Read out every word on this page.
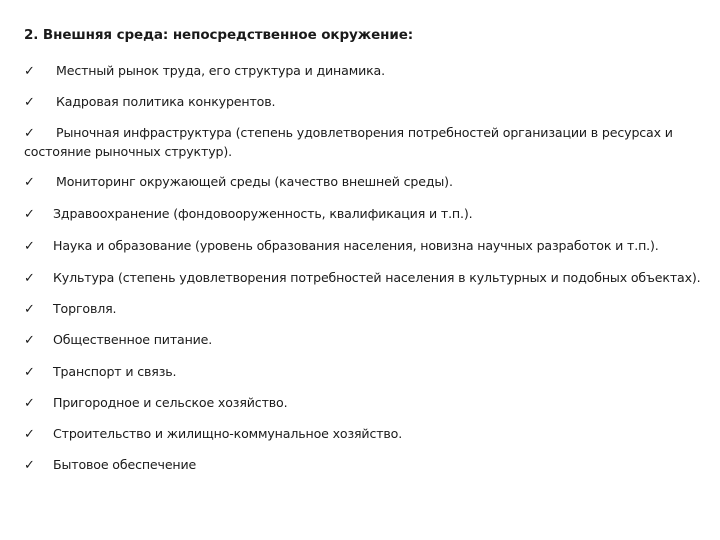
2. Внешняя среда: непосредственное окружение:
✓ Местный рынок труда, его структура и динамика.
✓ Кадровая политика конкурентов.
✓ Рыночная инфраструктура (степень удовлетворения потребностей организации в ресурсах и состояние рыночных структур).
✓ Мониторинг окружающей среды (качество внешней среды).
✓ Здравоохранение (фондовооруженность, квалификация и т.п.).
✓ Наука и образование (уровень образования населения, новизна научных разработок и т.п.).
✓ Культура (степень удовлетворения потребностей населения в культурных и подобных объектах).
✓ Торговля.
✓ Общественное питание.
✓ Транспорт и связь.
✓ Пригородное и сельское хозяйство.
✓ Строительство и жилищно-коммунальное хозяйство.
✓ Бытовое обеспечение
